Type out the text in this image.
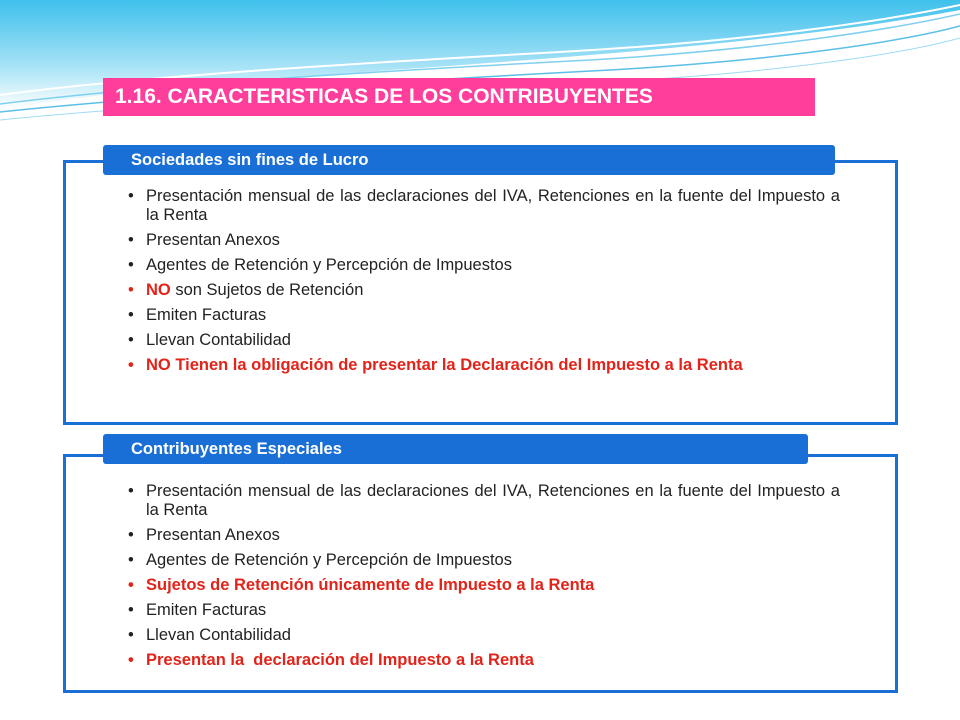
1.16. CARACTERISTICAS DE LOS CONTRIBUYENTES
Sociedades sin fines de Lucro
• Presentación mensual de las declaraciones del IVA, Retenciones en la fuente del Impuesto a la Renta
• Presentan Anexos
• Agentes de Retención y Percepción de Impuestos
• NO son Sujetos de Retención
• Emiten Facturas
• Llevan Contabilidad
• NO Tienen la obligación de presentar la Declaración del Impuesto a la Renta
Contribuyentes Especiales
• Presentación mensual de las declaraciones del IVA, Retenciones en la fuente del Impuesto a la Renta
• Presentan Anexos
• Agentes de Retención y Percepción de Impuestos
• Sujetos de Retención únicamente de Impuesto a la Renta
• Emiten Facturas
• Llevan Contabilidad
• Presentan la  declaración del Impuesto a la Renta
